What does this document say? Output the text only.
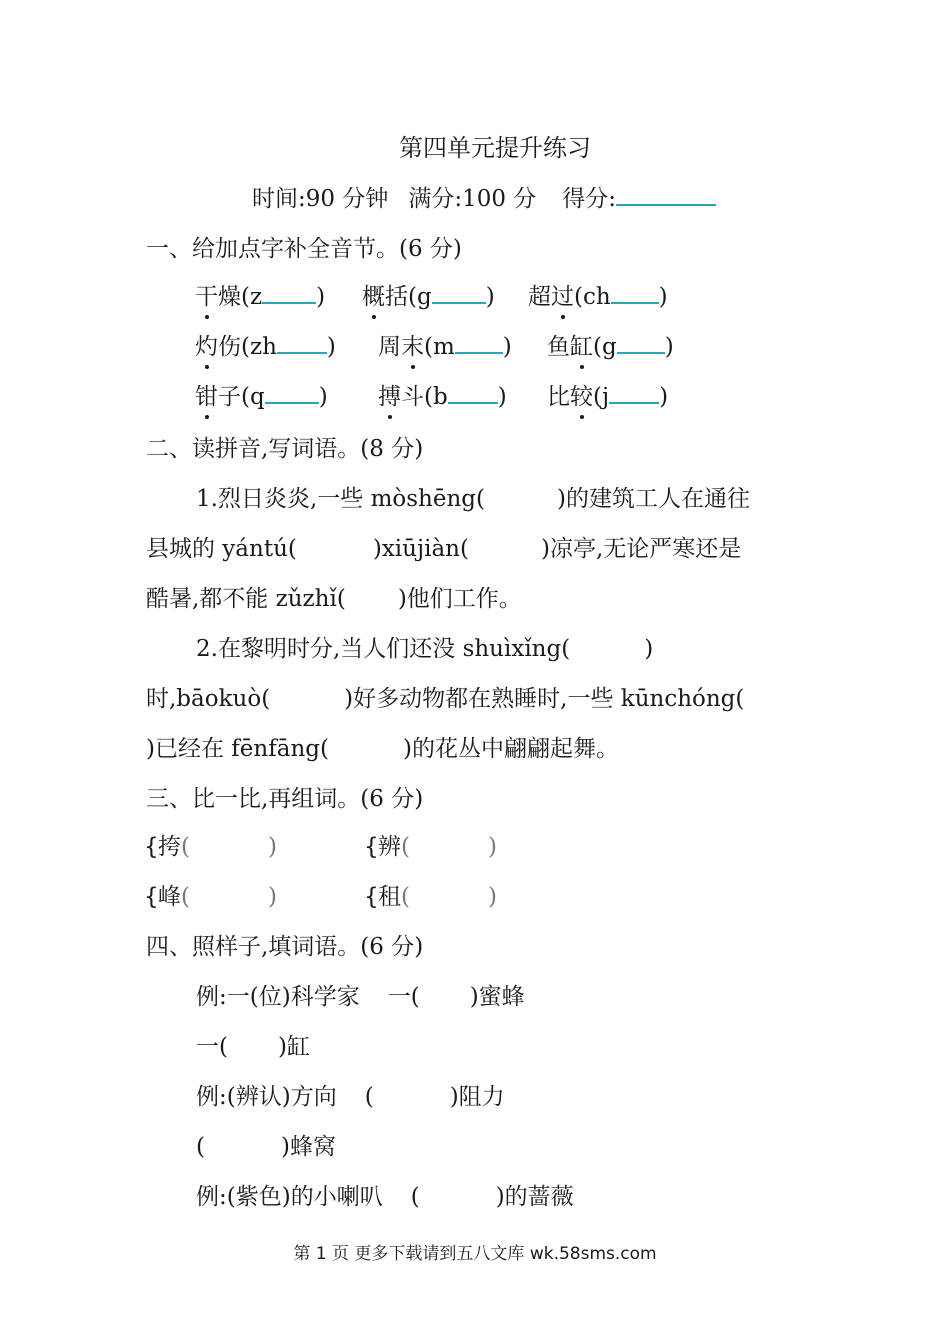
第四单元提升练习
时间:90 分钟 满分:100 分 得分:
一、给加点字补全音节。(6 分)
干燥(z ) 概括(g ) 超过(ch )
灼伤(zh ) 周末(m ) 鱼缸(g )
钳子(q ) 搏斗(b ) 比较(j )
二、读拼音,写词语。(8 分)
1.烈日炎炎,一些 mòshēng(	)的建筑工人在通往
县城的 yántú(	)xiūjiàn(	)凉亭,无论严寒还是
酷暑,都不能 zǔzhǐ( )他们工作。
2.在黎明时分,当人们还没 shuìxǐng(	)
时,bāokuò(	)好多动物都在熟睡时,一些 kūnchóng(
)已经在 fēnfāng(	)的花丛中翩翩起舞。
三、比一比,再组词。(6 分)
{挎(	)	{辨(	)
{峰(	)	{租(	)
四、照样子,填词语。(6 分)
例:一(位)科学家 一( )蜜蜂
一( )缸
例:(辨认)方向 (	)阻力
(	)蜂窝
例:(紫色)的小喇叭 (	)的蔷薇
第 1 页 更多下载请到五八文库 wk.58sms.com
